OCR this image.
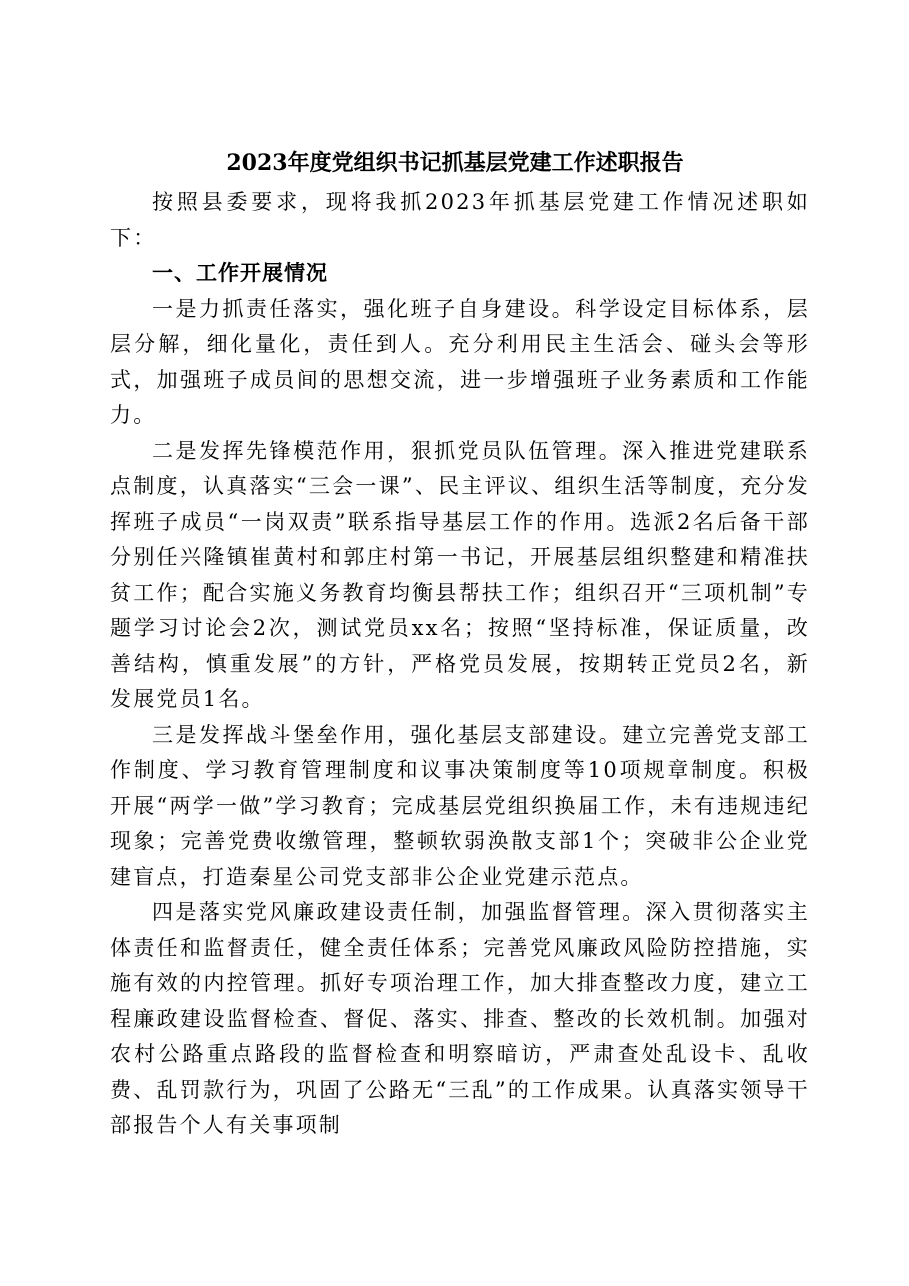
2023年度党组织书记抓基层党建工作述职报告

按照县委要求，现将我抓2023年抓基层党建工作情况述职如下：

一、工作开展情况

一是力抓责任落实，强化班子自身建设。科学设定目标体系，层层分解，细化量化，责任到人。充分利用民主生活会、碰头会等形式，加强班子成员间的思想交流，进一步增强班子业务素质和工作能力。

二是发挥先锋模范作用，狠抓党员队伍管理。深入推进党建联系点制度，认真落实“三会一课”、民主评议、组织生活等制度，充分发挥班子成员“一岗双责”联系指导基层工作的作用。选派2名后备干部分别任兴隆镇崔黄村和郭庄村第一书记，开展基层组织整建和精准扶贫工作；配合实施义务教育均衡县帮扶工作；组织召开“三项机制”专题学习讨论会2次，测试党员xx名；按照“坚持标准，保证质量，改善结构，慎重发展”的方针，严格党员发展，按期转正党员2名，新发展党员1名。

三是发挥战斗堡垒作用，强化基层支部建设。建立完善党支部工作制度、学习教育管理制度和议事决策制度等10项规章制度。积极开展“两学一做”学习教育；完成基层党组织换届工作，未有违规违纪现象；完善党费收缴管理，整顿软弱涣散支部1个；突破非公企业党建盲点，打造秦星公司党支部非公企业党建示范点。

四是落实党风廉政建设责任制，加强监督管理。深入贯彻落实主体责任和监督责任，健全责任体系；完善党风廉政风险防控措施，实施有效的内控管理。抓好专项治理工作，加大排查整改力度，建立工程廉政建设监督检查、督促、落实、排查、整改的长效机制。加强对农村公路重点路段的监督检查和明察暗访，严肃查处乱设卡、乱收费、乱罚款行为，巩固了公路无“三乱”的工作成果。认真落实领导干部报告个人有关事项制
